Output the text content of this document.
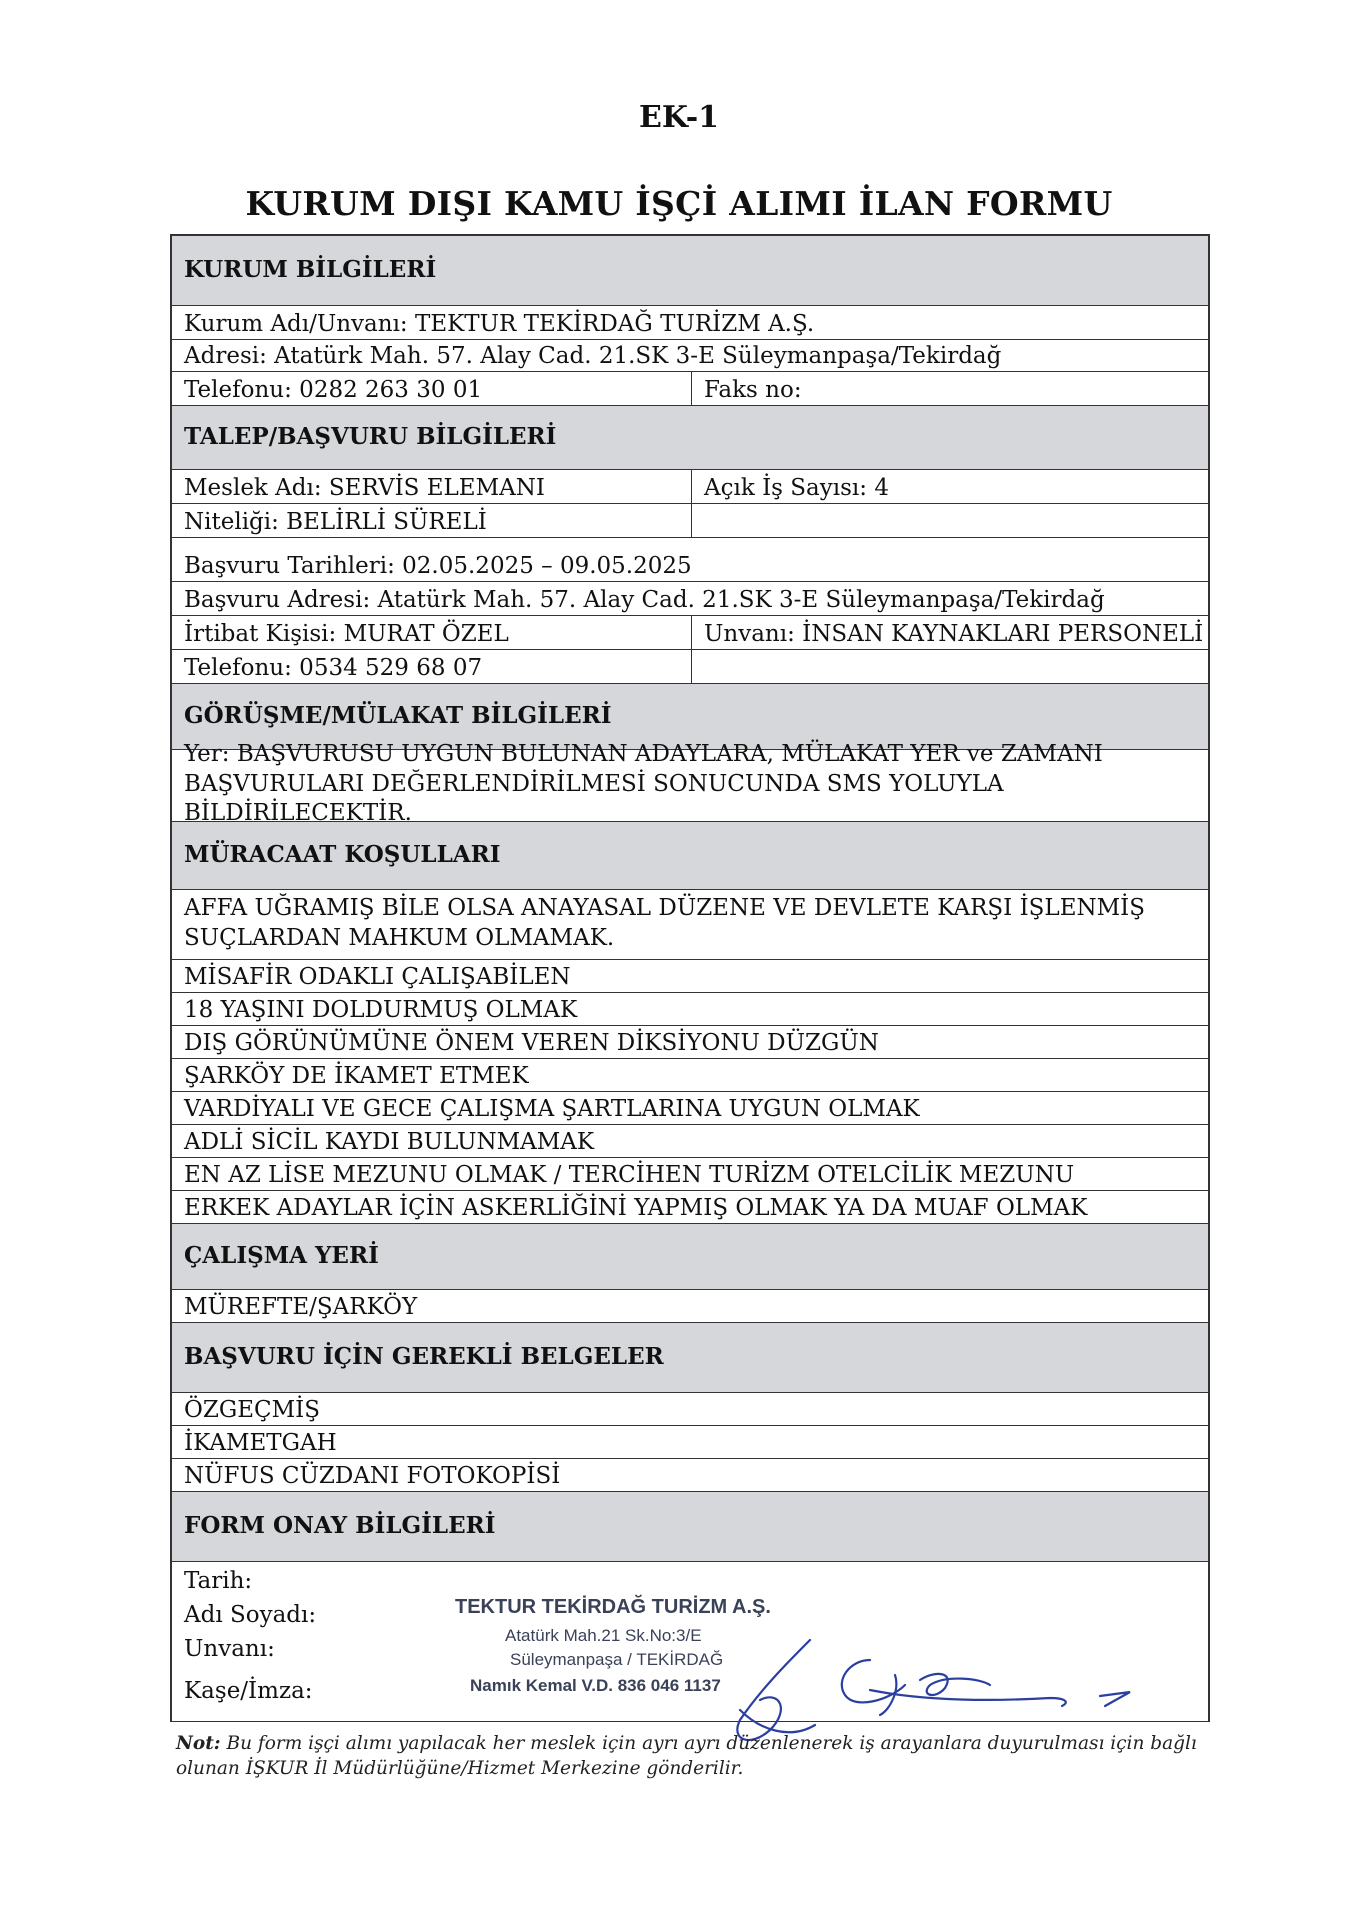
EK-1
KURUM DIŞI KAMU İŞÇİ ALIMI İLAN FORMU
KURUM BİLGİLERİ
Kurum Adı/Unvanı: TEKTUR TEKİRDAĞ TURİZM A.Ş.
Adresi: Atatürk Mah. 57. Alay Cad. 21.SK 3-E Süleymanpaşa/Tekirdağ
Telefonu: 0282 263 30 01	Faks no:
TALEP/BAŞVURU BİLGİLERİ
Meslek Adı: SERVİS ELEMANI	Açık İş Sayısı: 4
Niteliği: BELİRLİ SÜRELİ
Başvuru Tarihleri: 02.05.2025 – 09.05.2025
Başvuru Adresi: Atatürk Mah. 57. Alay Cad. 21.SK 3-E Süleymanpaşa/Tekirdağ
İrtibat Kişisi: MURAT ÖZEL	Unvanı: İNSAN KAYNAKLARI PERSONELİ
Telefonu: 0534 529 68 07
GÖRÜŞME/MÜLAKAT BİLGİLERİ
Yer: BAŞVURUSU UYGUN BULUNAN ADAYLARA, MÜLAKAT YER ve ZAMANI
BAŞVURULARI DEĞERLENDİRİLMESİ SONUCUNDA SMS YOLUYLA BİLDİRİLECEKTİR.
MÜRACAAT KOŞULLARI
AFFA UĞRAMIŞ BİLE OLSA ANAYASAL DÜZENE VE DEVLETE KARŞI İŞLENMİŞ
SUÇLARDAN MAHKUM OLMAMAK.
MİSAFİR ODAKLI ÇALIŞABİLEN
18 YAŞINI DOLDURMUŞ OLMAK
DIŞ GÖRÜNÜMÜNE ÖNEM VEREN DİKSİYONU DÜZGÜN
ŞARKÖY DE İKAMET ETMEK
VARDİYALI VE GECE ÇALIŞMA ŞARTLARINA UYGUN OLMAK
ADLİ SİCİL KAYDI BULUNMAMAK
EN AZ LİSE MEZUNU OLMAK / TERCİHEN TURİZM OTELCİLİK MEZUNU
ERKEK ADAYLAR İÇİN ASKERLİĞİNİ YAPMIŞ OLMAK YA DA MUAF OLMAK
ÇALIŞMA YERİ
MÜREFTE/ŞARKÖY
BAŞVURU İÇİN GEREKLİ BELGELER
ÖZGEÇMİŞ
İKAMETGAH
NÜFUS CÜZDANI FOTOKOPİSİ
FORM ONAY BİLGİLERİ
Tarih:
Adı Soyadı:
Unvanı:
Kaşe/İmza:
TEKTUR TEKİRDAĞ TURİZM A.Ş.
Atatürk Mah.21 Sk.No:3/E
Süleymanpaşa / TEKİRDAĞ
Namık Kemal V.D. 836 046 1137
Not: Bu form işçi alımı yapılacak her meslek için ayrı ayrı düzenlenerek iş arayanlara duyurulması için bağlı olunan İŞKUR İl Müdürlüğüne/Hizmet Merkezine gönderilir.
